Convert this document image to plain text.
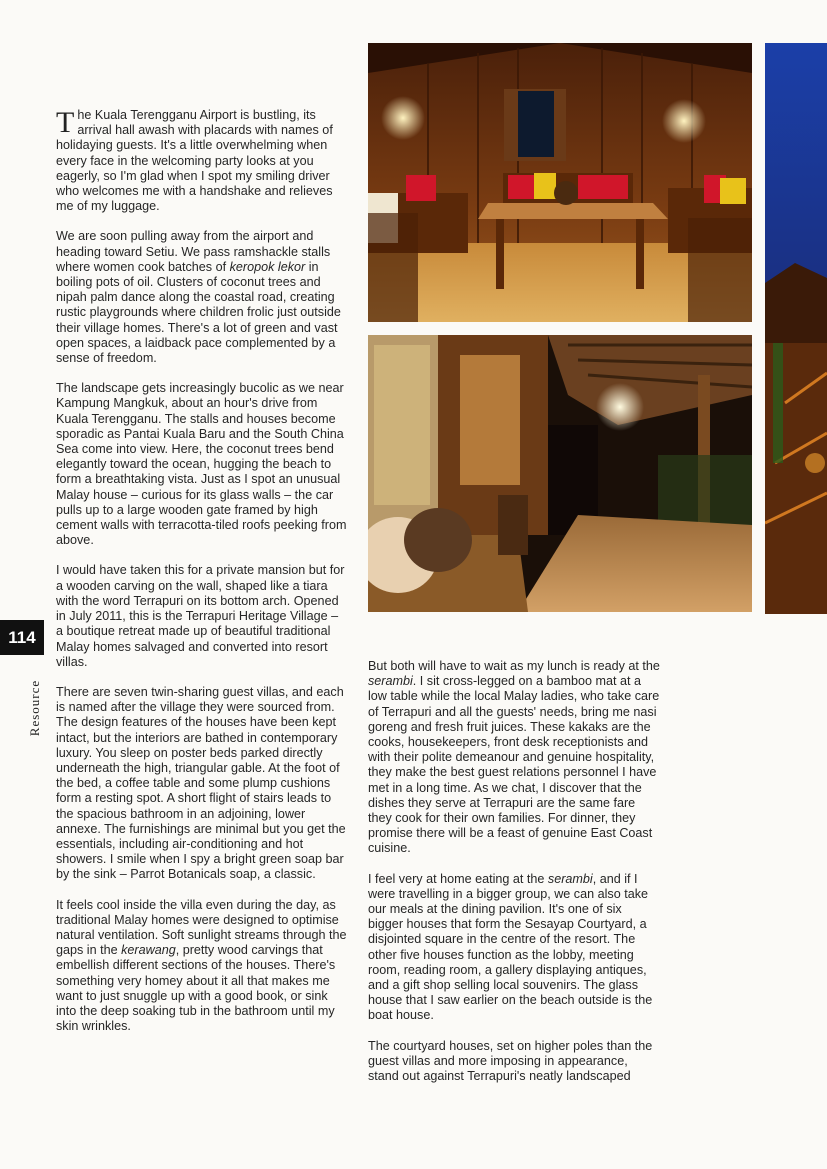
The Kuala Terengganu Airport is bustling, its arrival hall awash with placards with names of holidaying guests. It's a little overwhelming when every face in the welcoming party looks at you eagerly, so I'm glad when I spot my smiling driver who welcomes me with a handshake and relieves me of my luggage.

We are soon pulling away from the airport and heading toward Setiu. We pass ramshackle stalls where women cook batches of keropok lekor in boiling pots of oil. Clusters of coconut trees and nipah palm dance along the coastal road, creating rustic playgrounds where children frolic just outside their village homes. There's a lot of green and vast open spaces, a laidback pace complemented by a sense of freedom.

The landscape gets increasingly bucolic as we near Kampung Mangkuk, about an hour's drive from Kuala Terengganu. The stalls and houses become sporadic as Pantai Kuala Baru and the South China Sea come into view. Here, the coconut trees bend elegantly toward the ocean, hugging the beach to form a breathtaking vista. Just as I spot an unusual Malay house – curious for its glass walls – the car pulls up to a large wooden gate framed by high cement walls with terracotta-tiled roofs peeking from above.

I would have taken this for a private mansion but for a wooden carving on the wall, shaped like a tiara with the word Terrapuri on its bottom arch. Opened in July 2011, this is the Terrapuri Heritage Village – a boutique retreat made up of beautiful traditional Malay homes salvaged and converted into resort villas.

There are seven twin-sharing guest villas, and each is named after the village they were sourced from. The design features of the houses have been kept intact, but the interiors are bathed in contemporary luxury. You sleep on poster beds parked directly underneath the high, triangular gable. At the foot of the bed, a coffee table and some plump cushions form a resting spot. A short flight of stairs leads to the spacious bathroom in an adjoining, lower annexe. The furnishings are minimal but you get the essentials, including air-conditioning and hot showers. I smile when I spy a bright green soap bar by the sink – Parrot Botanicals soap, a classic.

It feels cool inside the villa even during the day, as traditional Malay homes were designed to optimise natural ventilation. Soft sunlight streams through the gaps in the kerawang, pretty wood carvings that embellish different sections of the houses. There's something very homey about it all that makes me want to just snuggle up with a good book, or sink into the deep soaking tub in the bathroom until my skin wrinkles.

But both will have to wait as my lunch is ready at the serambi. I sit cross-legged on a bamboo mat at a low table while the local Malay ladies, who take care of Terrapuri and all the guests' needs, bring me nasi goreng and fresh fruit juices. These kakaks are the cooks, housekeepers, front desk receptionists and with their polite demeanour and genuine hospitality, they make the best guest relations personnel I have met in a long time. As we chat, I discover that the dishes they serve at Terrapuri are the same fare they cook for their own families. For dinner, they promise there will be a feast of genuine East Coast cuisine.

I feel very at home eating at the serambi, and if I were travelling in a bigger group, we can also take our meals at the dining pavilion. It's one of six bigger houses that form the Sesayap Courtyard, a disjointed square in the centre of the resort. The other five houses function as the lobby, meeting room, reading room, a gallery displaying antiques, and a gift shop selling local souvenirs. The glass house that I saw earlier on the beach outside is the boat house.

The courtyard houses, set on higher poles than the guest villas and more imposing in appearance, stand out against Terrapuri's neatly landscaped

114
Resource
